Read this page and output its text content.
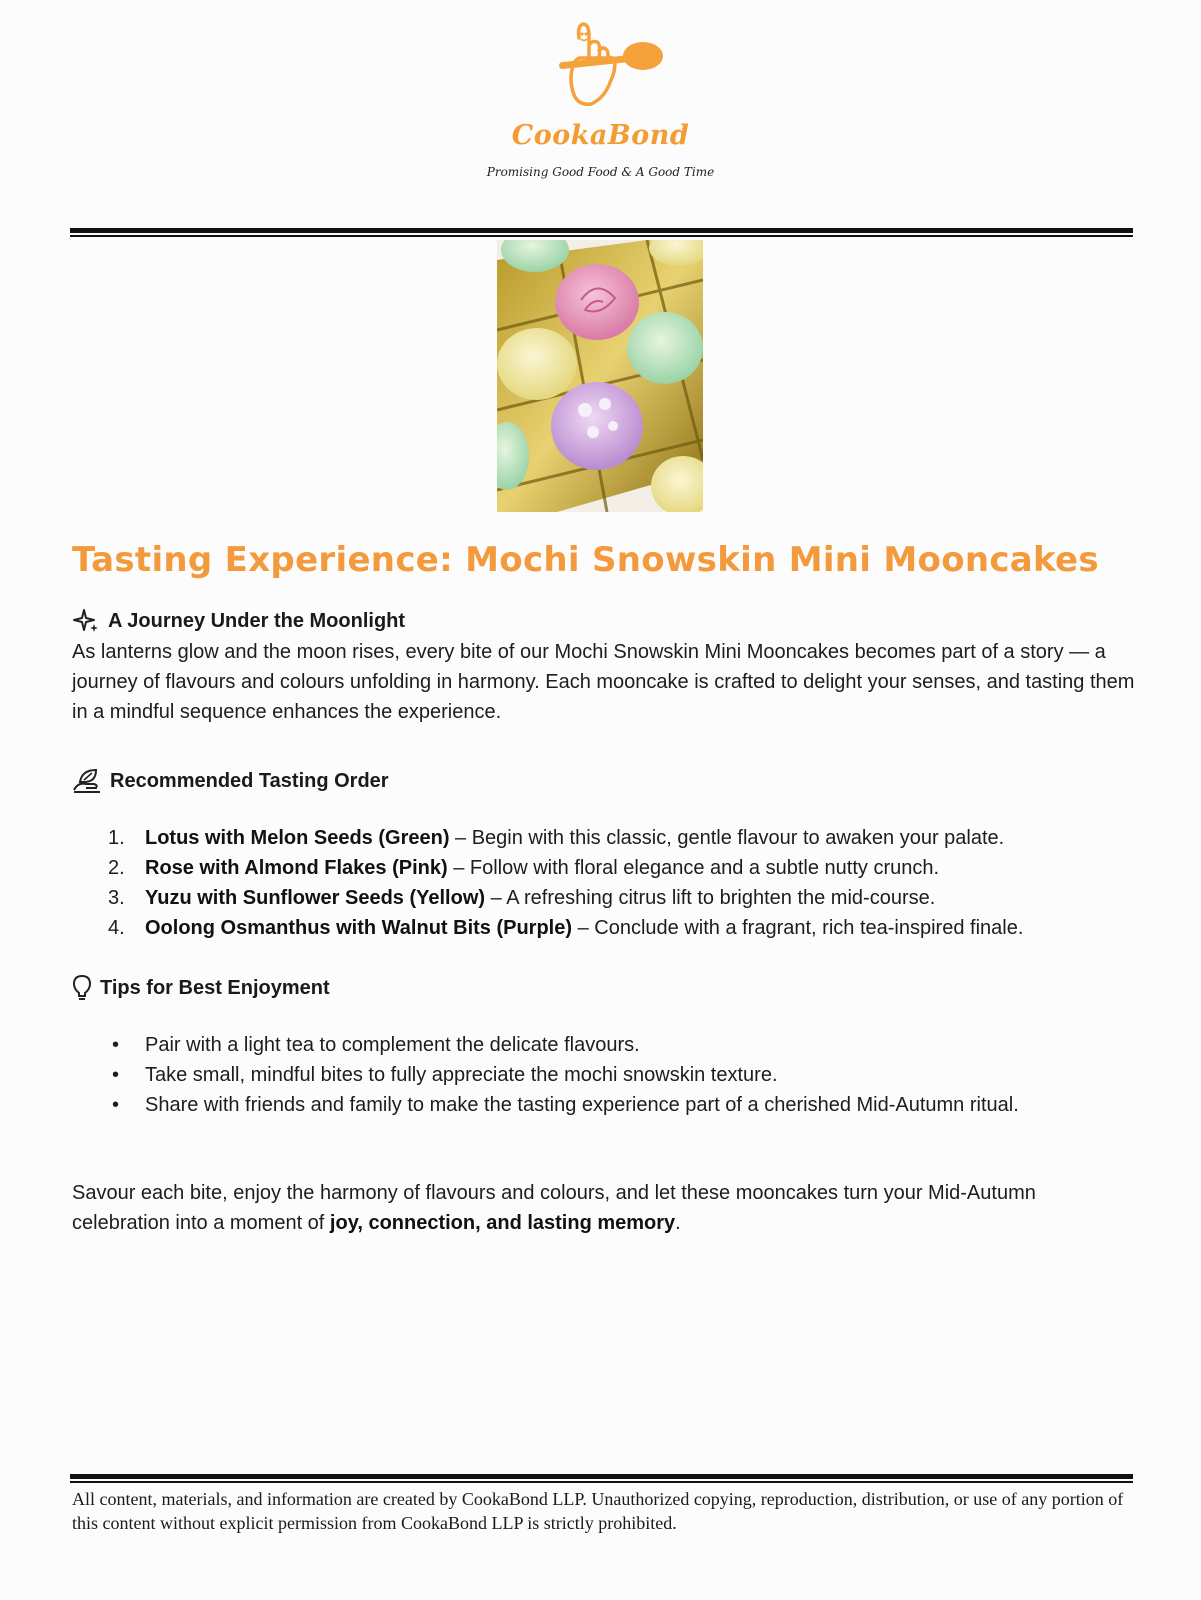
CookaBond
Promising Good Food & A Good Time
Tasting Experience: Mochi Snowskin Mini Mooncakes
A Journey Under the Moonlight

As lanterns glow and the moon rises, every bite of our Mochi Snowskin Mini Mooncakes becomes part of a story — a journey of flavours and colours unfolding in harmony. Each mooncake is crafted to delight your senses, and tasting them in a mindful sequence enhances the experience.

Recommended Tasting Order
1. Lotus with Melon Seeds (Green) – Begin with this classic, gentle flavour to awaken your palate.
2. Rose with Almond Flakes (Pink) – Follow with floral elegance and a subtle nutty crunch.
3. Yuzu with Sunflower Seeds (Yellow) – A refreshing citrus lift to brighten the mid-course.
4. Oolong Osmanthus with Walnut Bits (Purple) – Conclude with a fragrant, rich tea-inspired finale.
Tips for Best Enjoyment
• Pair with a light tea to complement the delicate flavours.
• Take small, mindful bites to fully appreciate the mochi snowskin texture.
• Share with friends and family to make the tasting experience part of a cherished Mid-Autumn ritual.

Savour each bite, enjoy the harmony of flavours and colours, and let these mooncakes turn your Mid-Autumn celebration into a moment of joy, connection, and lasting memory.

All content, materials, and information are created by CookaBond LLP. Unauthorized copying, reproduction, distribution, or use of any portion of this content without explicit permission from CookaBond LLP is strictly prohibited.
